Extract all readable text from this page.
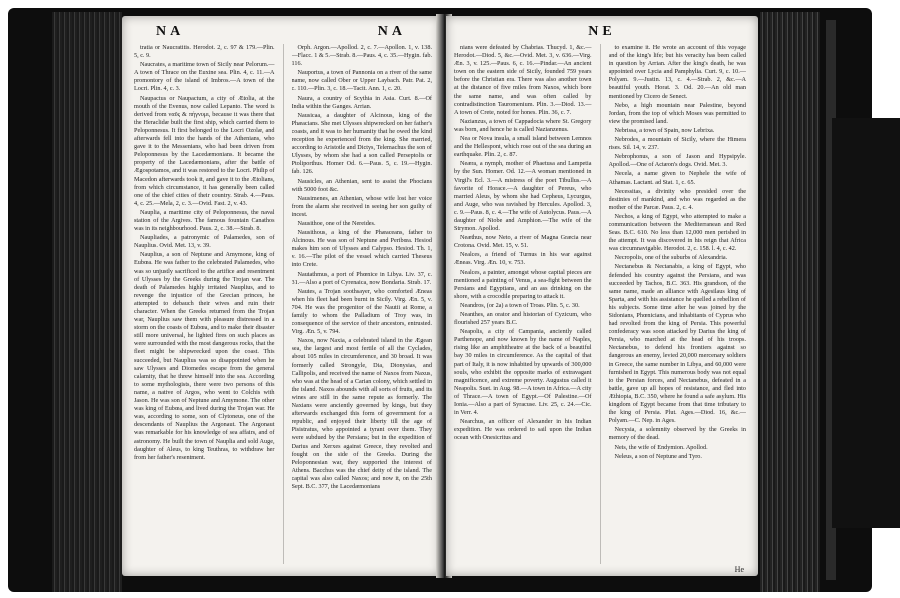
NA	NA

tratia or Naucratitis. Herodot. 2, c. 97 & 179.—Plin. 5, c. 9.

Naucrates, a maritime town of Sicily near Pelorum.—A town of Thrace on the Euxine sea. Plin. 4, c. 11.—A promontory of the island of Imbros.—A town of the Locri. Plin. 4, c. 3.

Naupactus or Naupactum, a city of Ætolia, at the mouth of the Evenus, now called Lepanto. The word is derived from ναῦς & πήγνυμι, because it was there that the Heraclidæ built the first ship, which carried them to Peloponnesus. It first belonged to the Locri Ozolæ, and afterwards fell into the hands of the Athenians, who gave it to the Messenians, who had been driven from Peloponnesus by the Lacedæmonians. It became the property of the Lacedæmonians, after the battle of Ægospotamos, and it was restored to the Locri. Philip of Macedon afterwards took it, and gave it to the Ætolians, from which circumstance, it has generally been called one of the chief cities of their country. Strab. 4.—Paus. 4, c. 25.—Mela, 2, c. 3.—Ovid. Fast. 2, v. 43.

Nauplia, a maritime city of Peloponnesus, the naval station of the Argives. The famous fountain Canathos was in its neighbourhood. Paus. 2, c. 38.—Strab. 8.

Naupliades, a patronymic of Palamedes, son of Nauplius. Ovid. Met. 13, v. 39.

Nauplius, a son of Neptune and Amymone, king of Eubœa. He was father to the celebrated Palamedes, who was so unjustly sacrificed to the artifice and resentment of Ulysses by the Greeks during the Trojan war. The death of Palamedes highly irritated Nauplius, and to revenge the injustice of the Grecian princes, he attempted to debauch their wives and ruin their character. When the Greeks returned from the Trojan war, Nauplius saw them with pleasure distressed in a storm on the coasts of Eubœa, and to make their disaster still more universal, he lighted fires on such places as were surrounded with the most dangerous rocks, that the fleet might be shipwrecked upon the coast. This succeeded, but Nauplius was so disappointed when he saw Ulysses and Diomedes escape from the general calamity, that he threw himself into the sea. According to some mythologists, there were two persons of this name, a native of Argos, who went to Colchis with Jason. He was son of Neptune and Amymone. The other was king of Eubœa, and lived during the Trojan war. He was, according to some, son of Clytoneus, one of the descendants of Nauplius the Argonaut. The Argonaut was remarkable for his knowledge of sea affairs, and of astronomy. He built the town of Nauplia and sold Auge, daughter of Aleus, to king Teuthras, to withdraw her from her father's resentment.

Orph. Argon.—Apollod. 2, c. 7.—Apollon. 1, v. 138.—Flacc. 1 & 5.—Strab. 8.—Paus. 4, c. 35.—Hygin. fab. 116.

Nauportus, a town of Pannonia on a river of the same name, now called Ober or Upper Laybach. Patr. Pat. 2, c. 110.—Plin. 3, c. 18.—Tacit. Ann. 1, c. 20.

Naura, a country of Scythia in Asia. Curt. 8.—Of India within the Ganges. Arrian.

Nausicaa, a daughter of Alcinous, king of the Phæacians. She met Ulysses shipwrecked on her father's coasts, and it was to her humanity that he owed the kind reception he experienced from the king. She married, according to Aristotle and Dictys, Telemachus the son of Ulysses, by whom she had a son called Perseptolis or Ptoliporthus. Homer Od. 6.—Paus. 5, c. 19.—Hygin. fab. 126.

Nausicles, an Athenian, sent to assist the Phocians with 5000 foot &c.

Nausimenes, an Athenian, whose wife lost her voice from the alarm she received in seeing her son guilty of incest.

Nausithoe, one of the Nereides.

Nausithous, a king of the Phæaceans, father to Alcinous. He was son of Neptune and Peribœa. Hesiod makes him son of Ulysses and Calypso. Hesiod. Th. 1, v. 16.—The pilot of the vessel which carried Theseus into Crete.

Nautathmus, a port of Phœnice in Libya. Liv. 37, c. 31.—Also a port of Cyrenaica, now Bondaria. Strab. 17.

Nautes, a Trojan soothsayer, who comforted Æneas when his fleet had been burnt in Sicily. Virg. Æn. 5, v. 704. He was the progenitor of the Nautii at Rome, a family to whom the Palladium of Troy was, in consequence of the service of their ancestors, entrusted. Virg. Æn. 5, v. 794.

Naxos, now Naxia, a celebrated island in the Ægean sea, the largest and most fertile of all the Cyclades, about 105 miles in circumference, and 30 broad. It was formerly called Strongyle, Dia, Dionysias, and Callipolis, and received the name of Naxos from Naxus, who was at the head of a Carian colony, which settled in the island. Naxos abounds with all sorts of fruits, and its wines are still in the same repute as formerly. The Naxians were anciently governed by kings, but they afterwards exchanged this form of government for a republic, and enjoyed their liberty till the age of Pisistratus, who appointed a tyrant over them. They were subdued by the Persians; but in the expedition of Darius and Xerxes against Greece, they revolted and fought on the side of the Greeks. During the Peloponnesian war, they supported the interest of Athens. Bacchus was the chief deity of the island. The capital was also called Naxos; and now it, on the 25th Sept. B.C. 377, the Lacedæmonians

NE

nians were defeated by Chabrias. Thucyd. 1, &c.—Herodot.—Diod. 5, &c.—Ovid. Met. 3, v. 636.—Virg. Æn. 3, v. 125.—Paus. 6, c. 16.—Pindar.—An ancient town on the eastern side of Sicily, founded 759 years before the Christian era. There was also another town at the distance of five miles from Naxos, which bore the same name, and was often called by contradistinction Tauromenium. Plin. 3.—Diod. 13.—A town of Crete, noted for hones. Plin. 36, c. 7.

Nazianzus, a town of Cappadocia where St. Gregory was born, and hence he is called Nazianzenus.

Nea or Nova insula, a small island between Lemnos and the Hellespont, which rose out of the sea during an earthquake. Plin. 2, c. 87.

Neæra, a nymph, mother of Phaetusa and Lampetia by the Sun. Homer. Od. 12.—A woman mentioned in Virgil's Ecl. 3.—A mistress of the poet Tibullus.—A favorite of Horace.—A daughter of Pereus, who married Aleus, by whom she had Cepheus, Lycurgus, and Auge, who was ravished by Hercules. Apollod. 3, c. 9.—Paus. 8, c. 4.—The wife of Autolycus. Paus.—A daughter of Niobe and Amphion.—The wife of the Strymon. Apollod.

Neæthus, now Neto, a river of Magna Græcia near Crotona. Ovid. Met. 15, v. 51.

Nealces, a friend of Turnus in his war against Æneas. Virg. Æn. 10, v. 753.

Nealces, a painter, amongst whose capital pieces are mentioned a painting of Venus, a sea-fight between the Persians and Egyptians, and an ass drinking on the shore, with a crocodile preparing to attack it.

Neandros, (or 2a) a town of Troas. Plin. 5, c. 30.

Neanthes, an orator and historian of Cyzicum, who flourished 257 years B.C.

Neapolis, a city of Campania, anciently called Parthenope, and now known by the name of Naples, rising like an amphitheatre at the back of a beautiful bay 30 miles in circumference. As the capital of that part of Italy, it is now inhabited by upwards of 300,000 souls, who exhibit the opposite marks of extravagant magnificence, and extreme poverty. Augustus called it Neapolis. Suet. in Aug. 98.—A town in Africa.—A city of Thrace.—A town of Egypt.—Of Palestine.—Of Ionia.—Also a part of Syracuse. Liv. 25, c. 24.—Cic. in Verr. 4.

Nearchus, an officer of Alexander in his Indian expedition. He was ordered to sail upon the Indian ocean with Onesicritus and

to examine it. He wrote an account of this voyage and of the king's life; but his veracity has been called in question by Arrian. After the king's death, he was appointed over Lycia and Pamphylia. Curt. 9, c. 10.—Polyæn. 9.—Justin. 13, c. 4.—Strab. 2, &c.—A beautiful youth. Horat. 3. Od. 20.—An old man mentioned by Cicero de Senect.

Nebo, a high mountain near Palestine, beyond Jordan, from the top of which Moses was permitted to view the promised land.

Nebrissa, a town of Spain, now Lebrixa.

Nebrodes, a mountain of Sicily, where the Himera rises. Sil. 14, v. 237.

Nebrophonus, a son of Jason and Hypsipyle. Apollod.—One of Actæon's dogs. Ovid. Met. 3.

Necela, a name given to Nephele the wife of Athamas. Lactant. ad Stat. 1, c. 65.

Necessitas, a divinity who presided over the destinies of mankind, and who was regarded as the mother of the Parcæ. Paus. 2, c. 4.

Nechos, a king of Egypt, who attempted to make a communication between the Mediterranean and Red Seas. B.C. 610. No less than 12,000 men perished in the attempt. It was discovered in his reign that Africa was circumnavigable. Herodot. 2, c. 158. l. 4, c. 42.

Necropolis, one of the suburbs of Alexandria.

Nectanebus & Nectanabis, a king of Egypt, who defended his country against the Persians, and was succeeded by Tachos, B.C. 363. His grandson, of the same name, made an alliance with Agesilaus king of Sparta, and with his assistance he quelled a rebellion of his subjects. Some time after he was joined by the Sidonians, Phœnicians, and inhabitants of Cyprus who had revolted from the king of Persia. This powerful confederacy was soon attacked by Darius the king of Persia, who marched at the head of his troops. Nectanebus, to defend his frontiers against so dangerous an enemy, levied 20,000 mercenary soldiers in Greece, the same number in Libya, and 60,000 were furnished in Egypt. This numerous body was not equal to the Persian forces, and Nectanebus, defeated in a battle, gave up all hopes of resistance, and fled into Æthiopia, B.C. 350, where he found a safe asylum. His kingdom of Egypt became from that time tributary to the king of Persia. Plut. Ages.—Diod. 16, &c.—Polyæn.—C. Nep. in Ages.

Necysia, a solemnity observed by the Greeks in memory of the dead.

Neis, the wife of Endymion. Apollod.

Neleus, a son of Neptune and Tyro.

He
